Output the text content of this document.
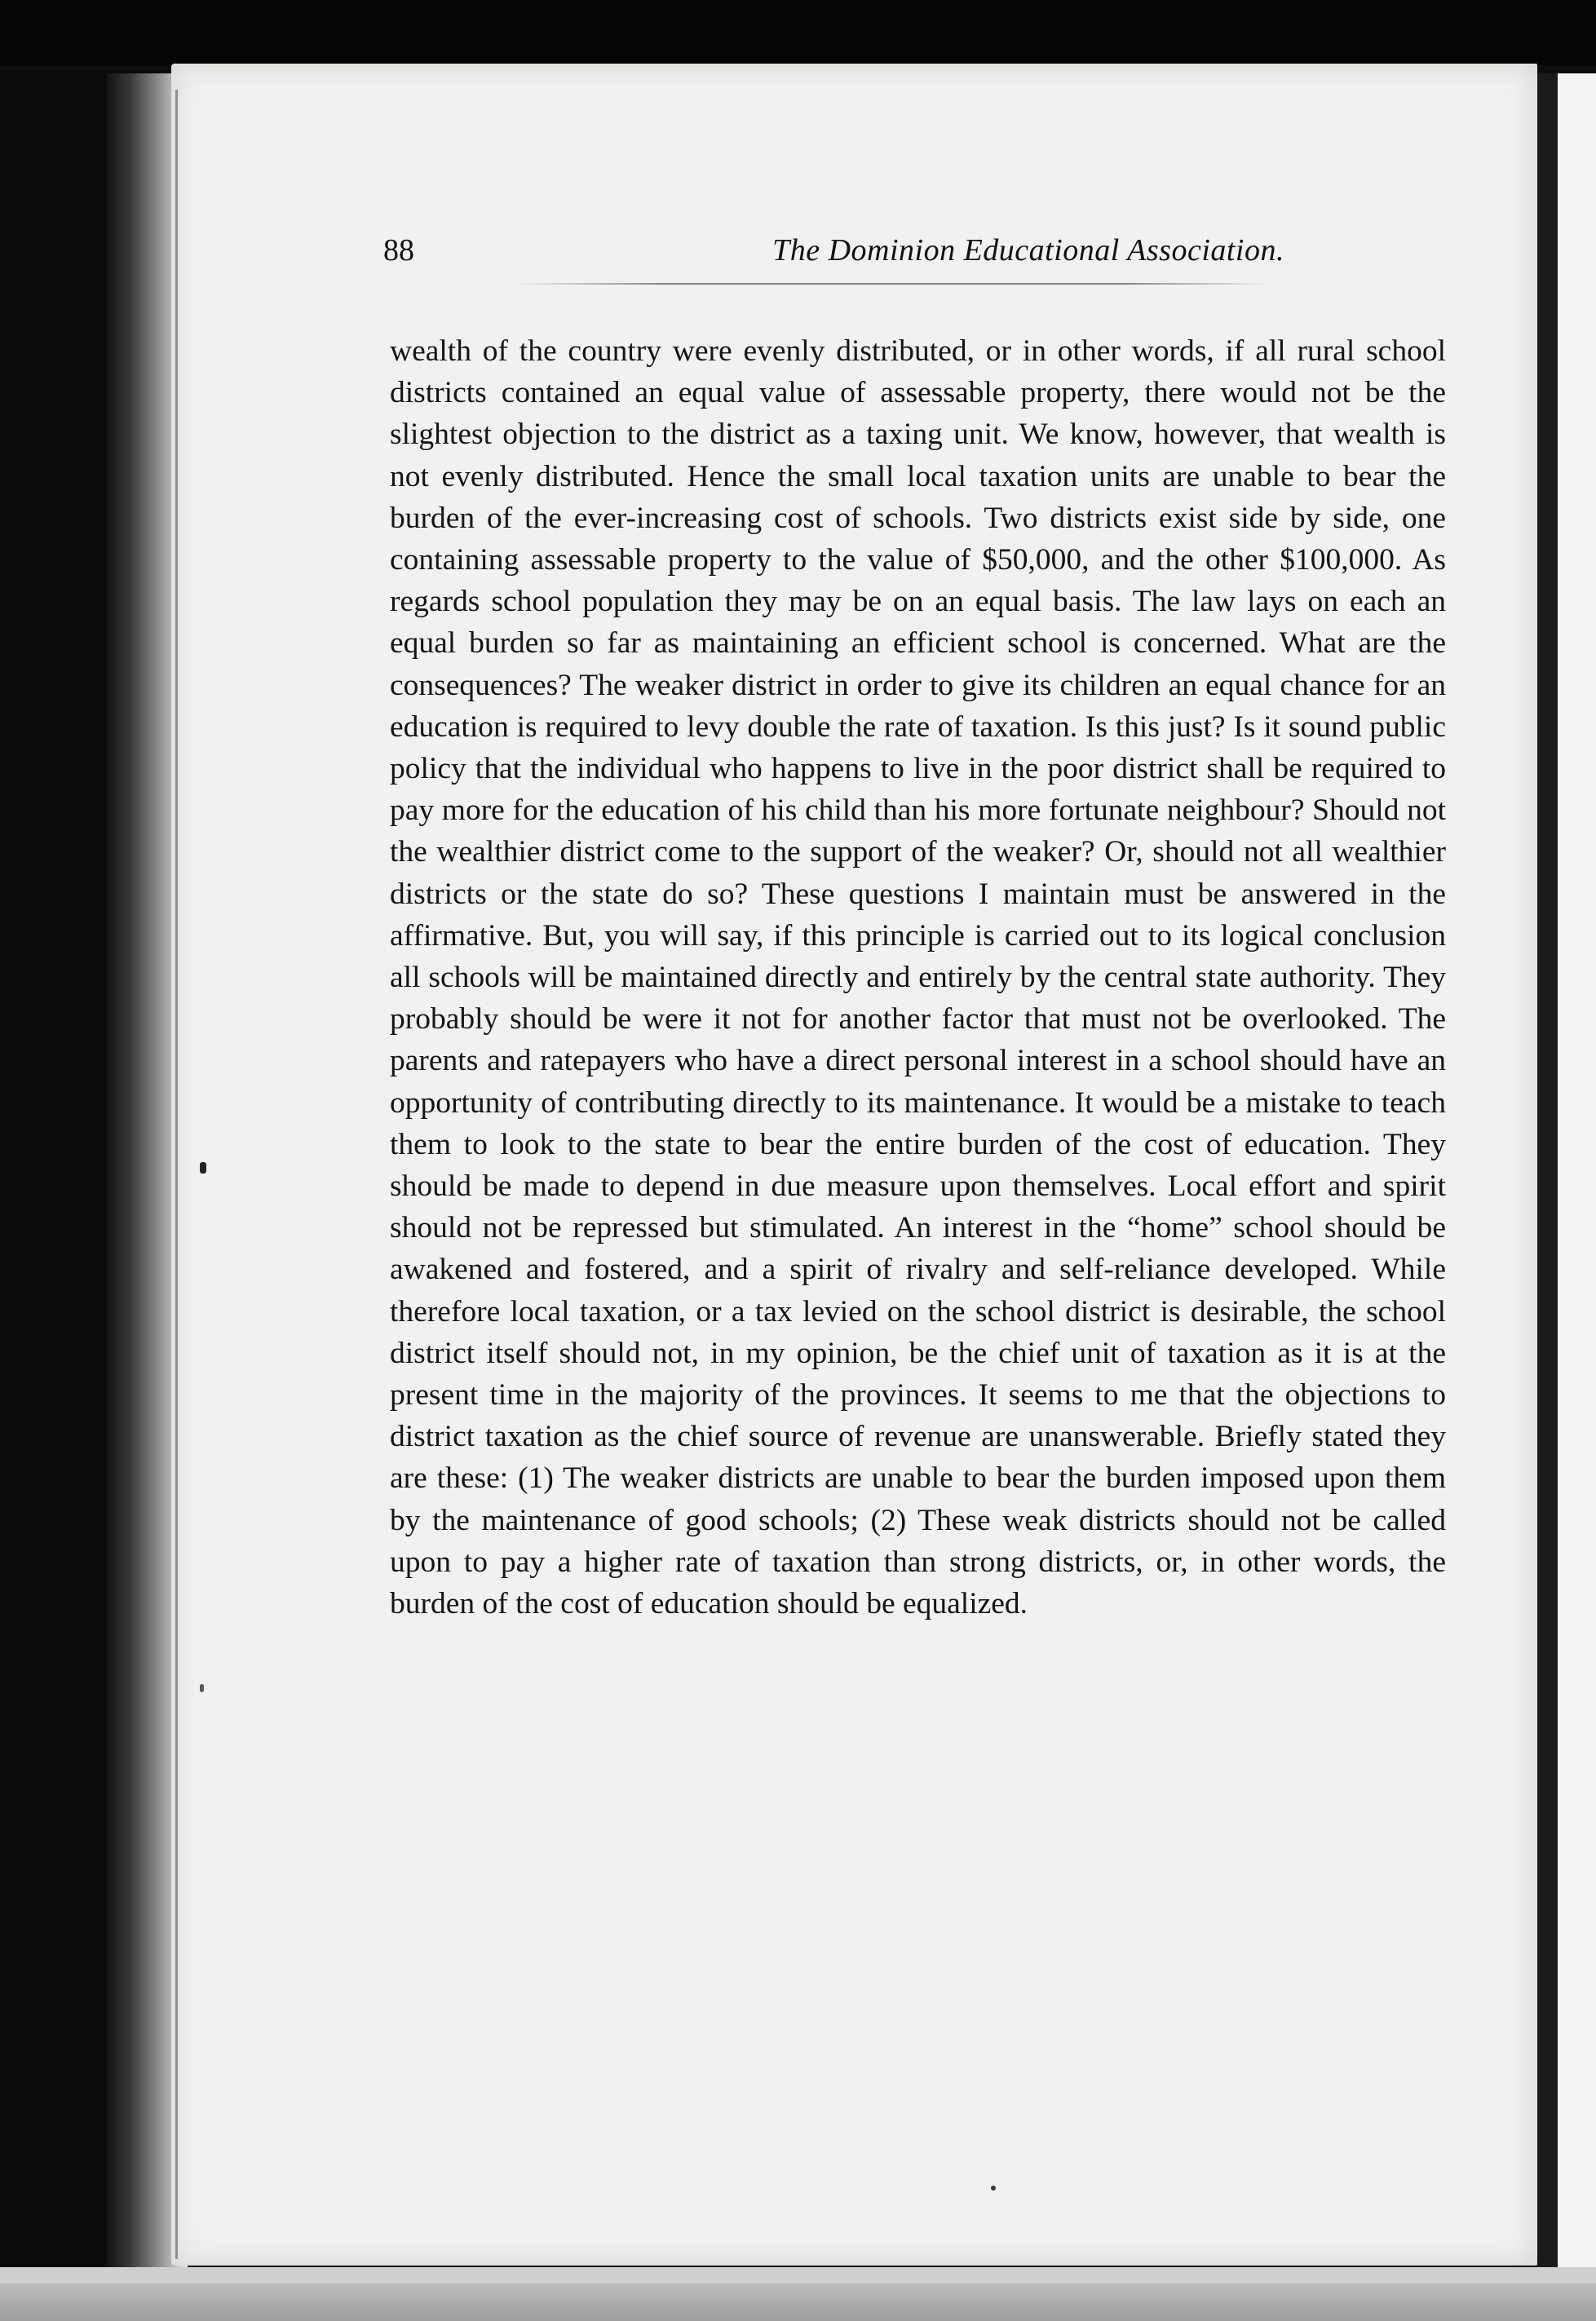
88	The Dominion Educational Association.

wealth of the country were evenly distributed, or in other words, if all rural school districts contained an equal value of assessable property, there would not be the slightest objection to the district as a taxing unit. We know, however, that wealth is not evenly distributed. Hence the small local taxation units are unable to bear the burden of the ever-increasing cost of schools. Two districts exist side by side, one containing assessable property to the value of $50,000, and the other $100,000. As regards school population they may be on an equal basis. The law lays on each an equal burden so far as maintaining an efficient school is concerned. What are the consequences? The weaker district in order to give its children an equal chance for an education is required to levy double the rate of taxation. Is this just? Is it sound public policy that the individual who happens to live in the poor district shall be required to pay more for the education of his child than his more fortunate neighbour? Should not the wealthier district come to the support of the weaker? Or, should not all wealthier districts or the state do so? These questions I maintain must be answered in the affirmative. But, you will say, if this principle is carried out to its logical conclusion all schools will be maintained directly and entirely by the central state authority. They probably should be were it not for another factor that must not be overlooked. The parents and ratepayers who have a direct personal interest in a school should have an opportunity of contributing directly to its maintenance. It would be a mistake to teach them to look to the state to bear the entire burden of the cost of education. They should be made to depend in due measure upon themselves. Local effort and spirit should not be repressed but stimulated. An interest in the “home” school should be awakened and fostered, and a spirit of rivalry and self-reliance developed. While therefore local taxation, or a tax levied on the school district is desirable, the school district itself should not, in my opinion, be the chief unit of taxation as it is at the present time in the majority of the provinces. It seems to me that the objections to district taxation as the chief source of revenue are unanswerable. Briefly stated they are these: (1) The weaker districts are unable to bear the burden imposed upon them by the maintenance of good schools; (2) These weak districts should not be called upon to pay a higher rate of taxation than strong districts, or, in other words, the burden of the cost of education should be equalized.
